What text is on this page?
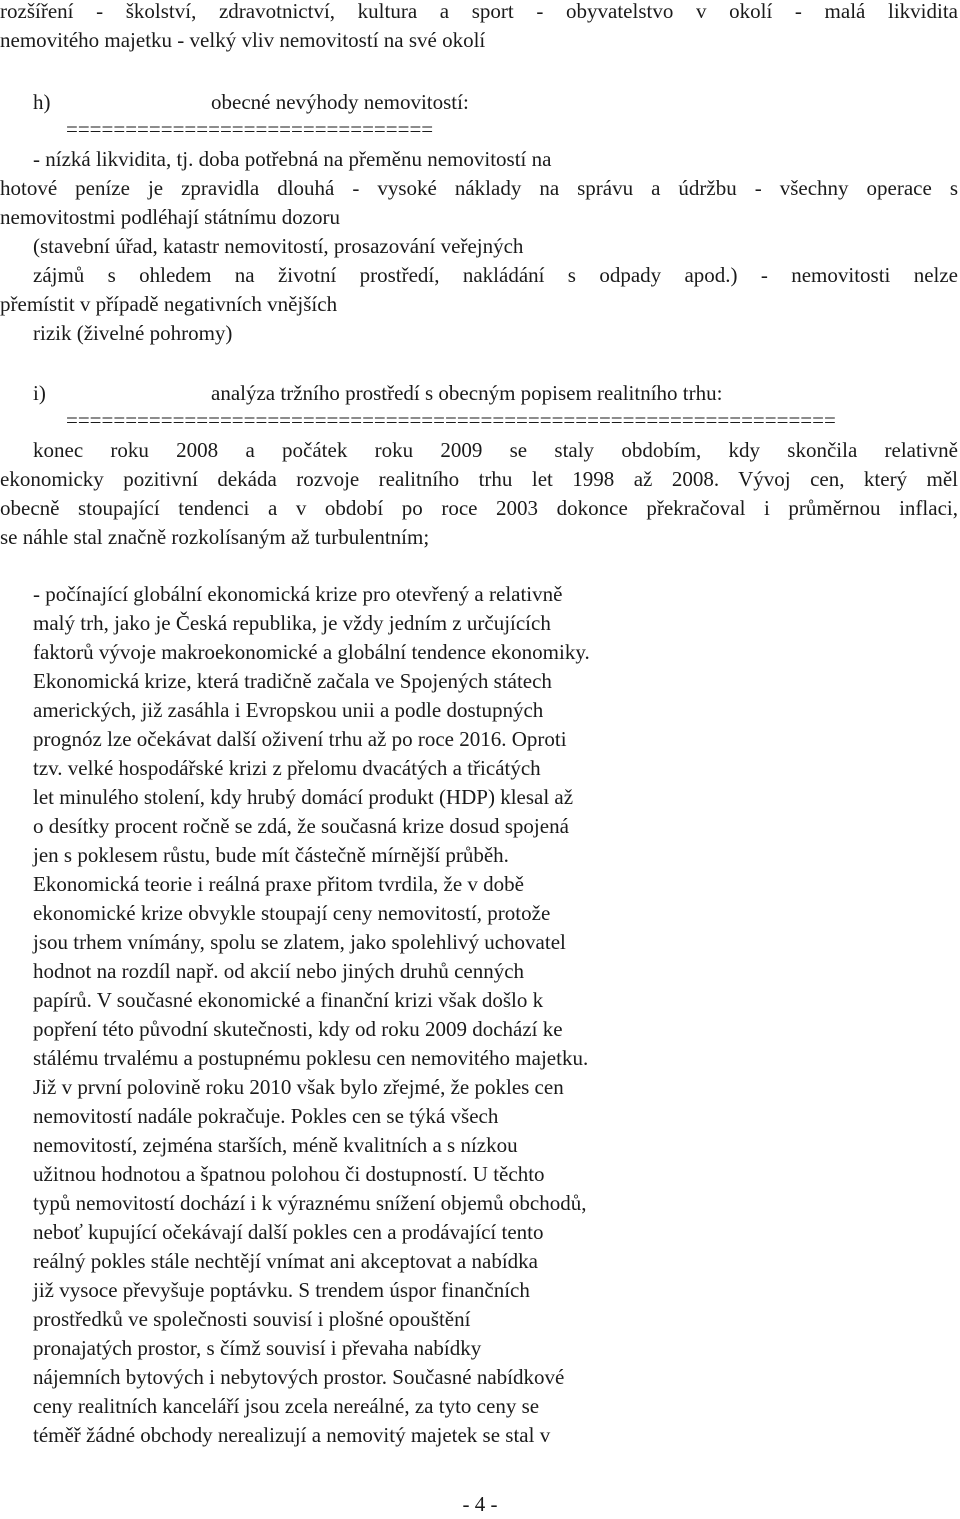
rozšíření - školství, zdravotnictví, kultura a sport - obyvatelstvo v okolí - malá likvidita
nemovitého majetku - velký vliv nemovitostí na své okolí
h)	obecné nevýhody nemovitostí:
===============================
- nízká likvidita, tj. doba potřebná na přeměnu nemovitostí na
hotové peníze je zpravidla dlouhá - vysoké náklady na správu a údržbu - všechny operace s
nemovitostmi podléhají státnímu dozoru
(stavební úřad, katastr nemovitostí, prosazování veřejných
zájmů s ohledem na životní prostředí, nakládání s odpady apod.) - nemovitosti nelze
přemístit v případě negativních vnějších
rizik (živelné pohromy)
i)	analýza tržního prostředí s obecným popisem realitního trhu:
=================================================================
konec roku 2008 a počátek roku 2009 se staly obdobím, kdy skončila relativně
ekonomicky pozitivní dekáda rozvoje realitního trhu let 1998 až 2008. Vývoj cen, který měl
obecně stoupající tendenci a v období po roce 2003 dokonce překračoval i průměrnou inflaci,
se náhle stal značně rozkolísaným až turbulentním;
- počínající globální ekonomická krize pro otevřený a relativně
malý trh, jako je Česká republika, je vždy jedním z určujících
faktorů vývoje makroekonomické a globální tendence ekonomiky.
Ekonomická krize, která tradičně začala ve Spojených státech
amerických, již zasáhla i Evropskou unii a podle dostupných
prognóz lze očekávat další oživení trhu až po roce 2016. Oproti
tzv. velké hospodářské krizi z přelomu dvacátých a třicátých
let minulého stolení, kdy hrubý domácí produkt (HDP) klesal až
o desítky procent ročně se zdá, že současná krize dosud spojená
jen s poklesem růstu, bude mít částečně mírnější průběh.
Ekonomická teorie i reálná praxe přitom tvrdila, že v době
ekonomické krize obvykle stoupají ceny nemovitostí, protože
jsou trhem vnímány, spolu se zlatem, jako spolehlivý uchovatel
hodnot na rozdíl např. od akcií nebo jiných druhů cenných
papírů. V současné ekonomické a finanční krizi však došlo k
popření této původní skutečnosti, kdy od roku 2009 dochází ke
stálému trvalému a postupnému poklesu cen nemovitého majetku.
Již v první polovině roku 2010 však bylo zřejmé, že pokles cen
nemovitostí nadále pokračuje. Pokles cen se týká všech
nemovitostí, zejména starších, méně kvalitních a s nízkou
užitnou hodnotou a špatnou polohou či dostupností. U těchto
typů nemovitostí dochází i k výraznému snížení objemů obchodů,
neboť kupující očekávají další pokles cen a prodávající tento
reálný pokles stále nechtějí vnímat ani akceptovat a nabídka
již vysoce převyšuje poptávku. S trendem úspor finančních
prostředků ve společnosti souvisí i plošné opouštění
pronajatých prostor, s čímž souvisí i převaha nabídky
nájemních bytových i nebytových prostor. Současné nabídkové
ceny realitních kanceláří jsou zcela nereálné, za tyto ceny se
téměř žádné obchody nerealizují a nemovitý majetek se stal v
- 4 -
